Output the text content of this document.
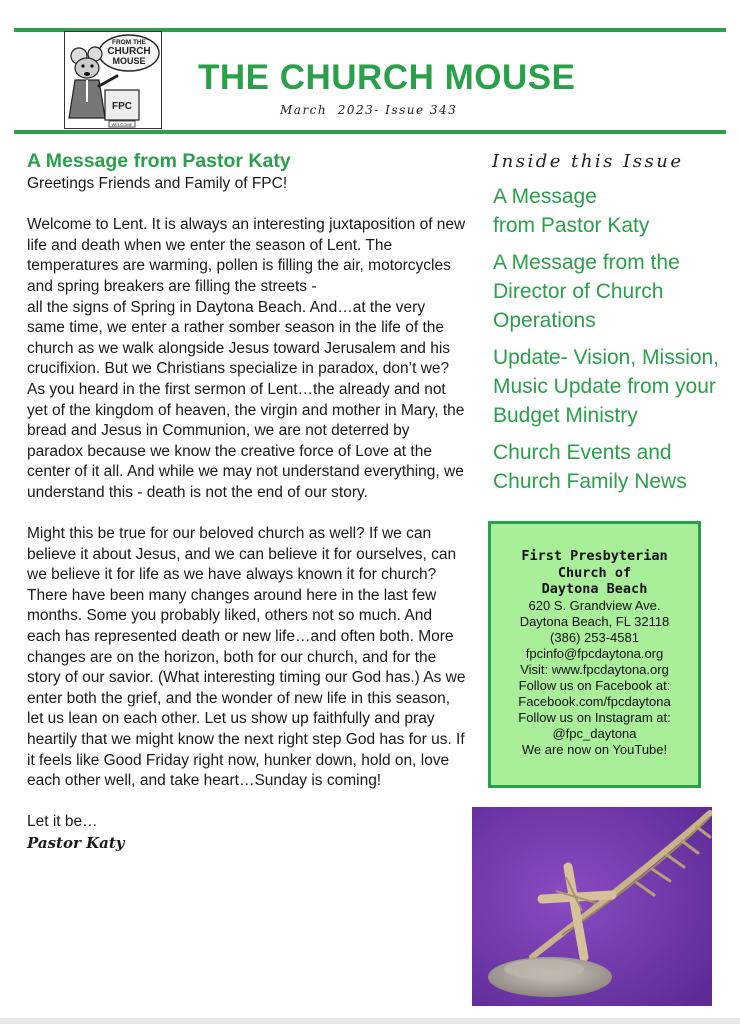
FROM THE
CHURCH
MOUSE
FPC
WELCOME
THE CHURCH MOUSE
March  2023- Issue 343
A Message from Pastor Katy

Greetings Friends and Family of FPC!

Welcome to Lent. It is always an interesting juxtaposition of new life and death when we enter the season of Lent. The temperatures are warming, pollen is filling the air, motorcycles and spring breakers are filling the streets -

all the signs of Spring in Daytona Beach. And…at the very same time, we enter a rather somber season in the life of the church as we walk alongside Jesus toward Jerusalem and his crucifixion. But we Christians specialize in paradox, don’t we? As you heard in the first sermon of Lent…the already and not yet of the kingdom of heaven, the virgin and mother in Mary, the bread and Jesus in Communion, we are not deterred by paradox because we know the creative force of Love at the center of it all. And while we may not understand everything, we understand this - death is not the end of our story.

Might this be true for our beloved church as well? If we can believe it about Jesus, and we can believe it for ourselves, can we believe it for life as we have always known it for church? There have been many changes around here in the last few months. Some you probably liked, others not so much. And each has represented death or new life…and often both. More changes are on the horizon, both for our church, and for the story of our savior. (What interesting timing our God has.) As we enter both the grief, and the wonder of new life in this season, let us lean on each other. Let us show up faithfully and pray heartily that we might know the next right step God has for us. If it feels like Good Friday right now, hunker down, hold on, love each other well, and take heart…Sunday is coming!

Let it be…

Pastor Katy

Inside this Issue
A Message
from Pastor Katy
A Message from the Director of Church Operations
Update- Vision, Mission, Music Update from your Budget Ministry
Church Events and Church Family News
First Presbyterian
Church of
Daytona Beach
620 S. Grandview Ave.
Daytona Beach, FL 32118
(386) 253-4581
fpcinfo@fpcdaytona.org
Visit: www.fpcdaytona.org
Follow us on Facebook at:
Facebook.com/fpcdaytona
Follow us on Instagram at:
@fpc_daytona
We are now on YouTube!
